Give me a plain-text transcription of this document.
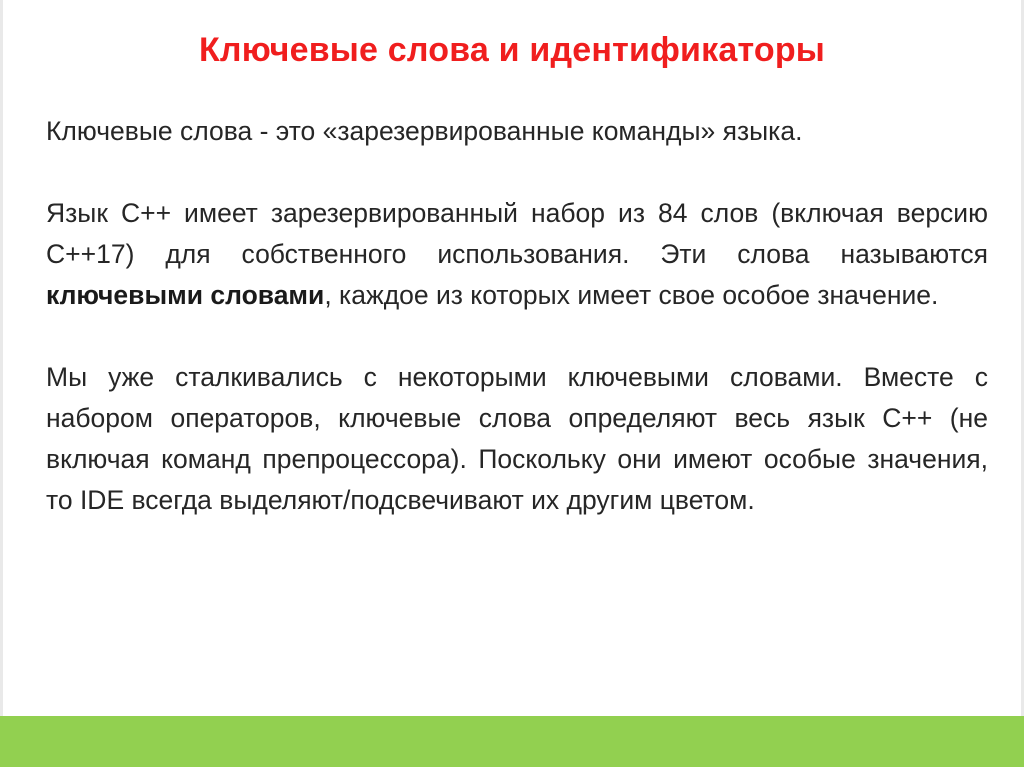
Ключевые слова и идентификаторы

Ключевые слова - это «зарезервированные команды» языка.

Язык С++ имеет зарезервированный набор из 84 слов (включая версию С++17) для собственного использования. Эти слова называются ключевыми словами, каждое из которых имеет свое особое значение.

Мы уже сталкивались с некоторыми ключевыми словами. Вместе с набором операторов, ключевые слова определяют весь язык С++ (не включая команд препроцессора). Поскольку они имеют особые значения, то IDE всегда выделяют/подсвечивают их другим цветом.
